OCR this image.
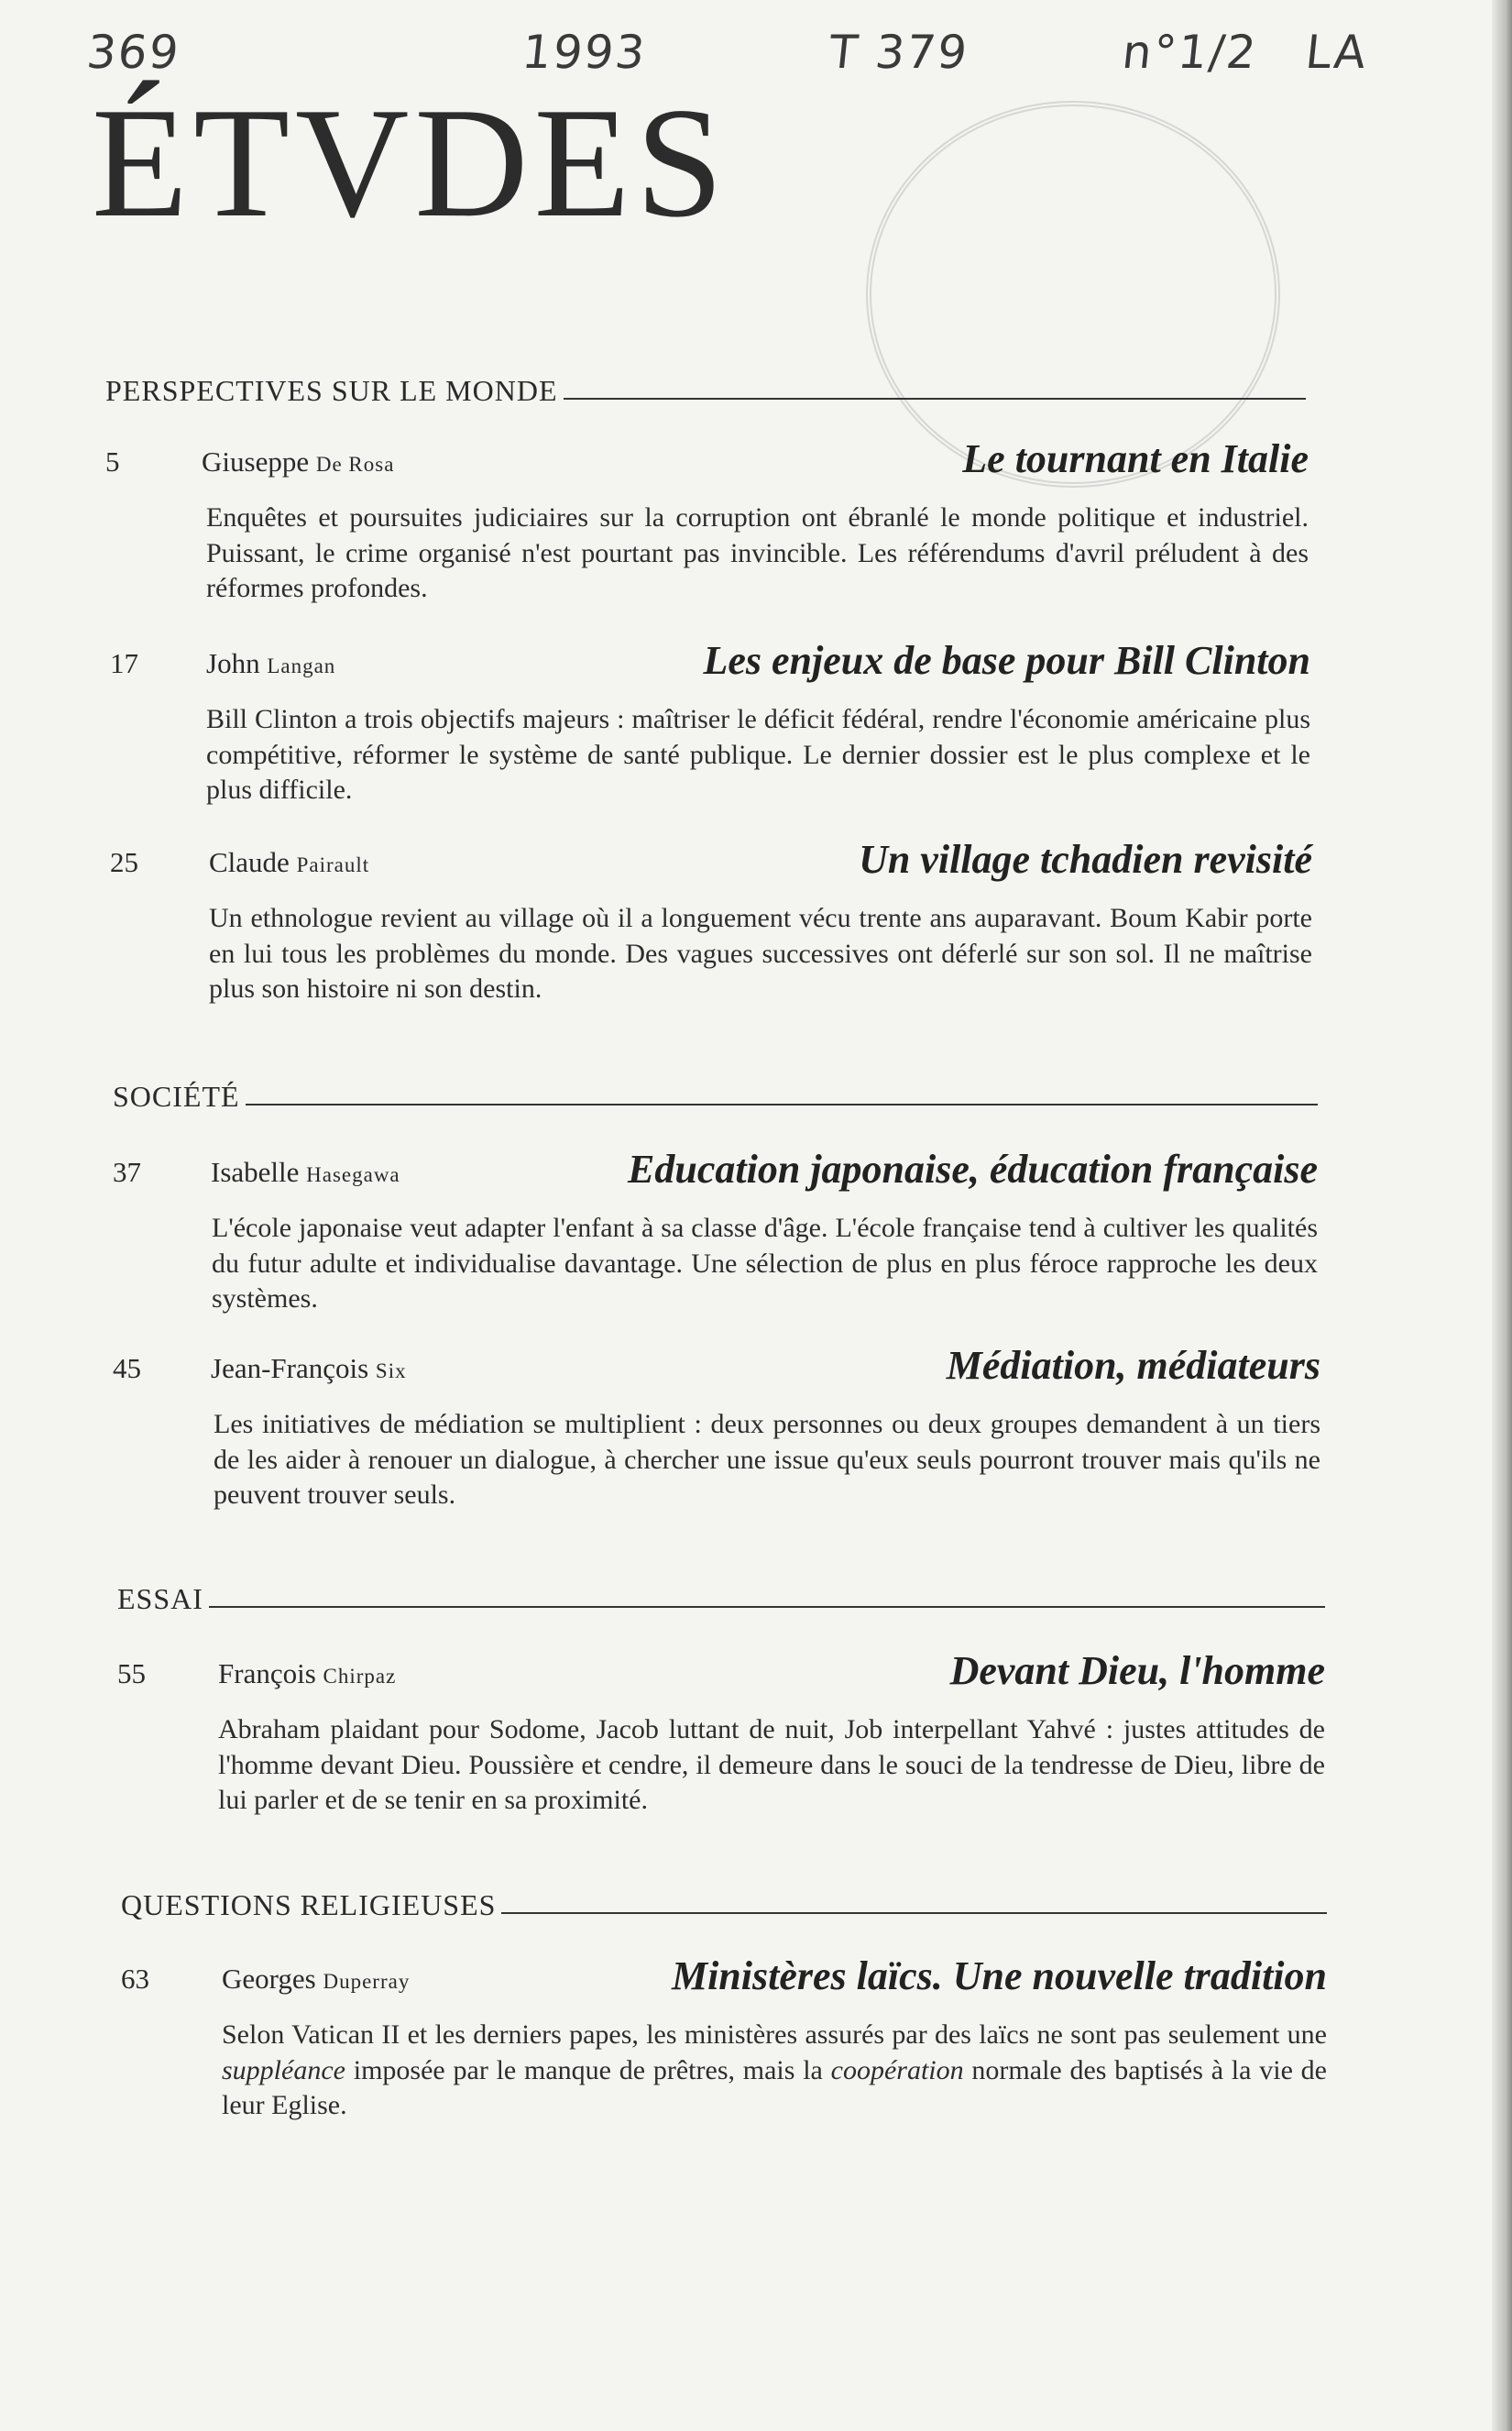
369	1993	T 379	n°1/2 LA
ÉTVDES
PERSPECTIVES SUR LE MONDE
5	Giuseppe De Rosa	Le tournant en Italie
Enquêtes et poursuites judiciaires sur la corruption ont ébranlé le monde politique et industriel. Puissant, le crime organisé n'est pourtant pas invincible. Les référendums d'avril préludent à des réformes profondes.
17 John Langan	Les enjeux de base pour Bill Clinton
Bill Clinton a trois objectifs majeurs : maîtriser le déficit fédéral, rendre l'économie américaine plus compétitive, réformer le système de santé publique. Le dernier dossier est le plus complexe et le plus difficile.
25 Claude Pairault	Un village tchadien revisité
Un ethnologue revient au village où il a longuement vécu trente ans auparavant. Boum Kabir porte en lui tous les problèmes du monde. Des vagues successives ont déferlé sur son sol. Il ne maîtrise plus son histoire ni son destin.
SOCIÉTÉ
37 Isabelle Hasegawa	Education japonaise, éducation française
L'école japonaise veut adapter l'enfant à sa classe d'âge. L'école française tend à cultiver les qualités du futur adulte et individualise davantage. Une sélection de plus en plus féroce rapproche les deux systèmes.
45 Jean-François Six	Médiation, médiateurs
Les initiatives de médiation se multiplient : deux personnes ou deux groupes demandent à un tiers de les aider à renouer un dialogue, à chercher une issue qu'eux seuls pourront trouver mais qu'ils ne peuvent trouver seuls.
ESSAI
55	François Chirpaz	Devant Dieu, l'homme
Abraham plaidant pour Sodome, Jacob luttant de nuit, Job interpellant Yahvé : justes attitudes de l'homme devant Dieu. Poussière et cendre, il demeure dans le souci de la tendresse de Dieu, libre de lui parler et de se tenir en sa proximité.
QUESTIONS RELIGIEUSES
63	Georges Duperray	Ministères laïcs. Une nouvelle tradition
Selon Vatican II et les derniers papes, les ministères assurés par des laïcs ne sont pas seulement une suppléance imposée par le manque de prêtres, mais la coopération normale des baptisés à la vie de leur Eglise.
